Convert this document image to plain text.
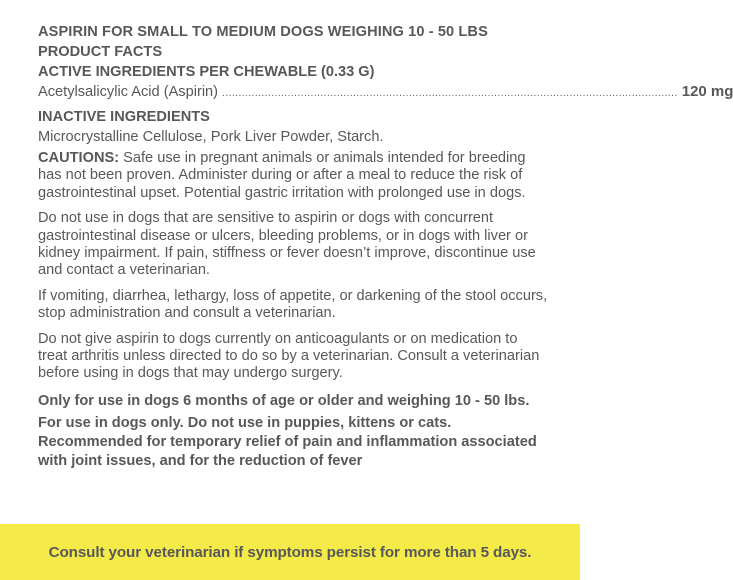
ASPIRIN FOR SMALL TO MEDIUM DOGS WEIGHING 10 - 50 LBS
PRODUCT FACTS
ACTIVE INGREDIENTS PER CHEWABLE (0.33 G)
Acetylsalicylic Acid (Aspirin) ........................................................................................................................................... 120 mg
INACTIVE INGREDIENTS
Microcrystalline Cellulose, Pork Liver Powder, Starch.

CAUTIONS: Safe use in pregnant animals or animals intended for breeding has not been proven. Administer during or after a meal to reduce the risk of gastrointestinal upset. Potential gastric irritation with prolonged use in dogs.

Do not use in dogs that are sensitive to aspirin or dogs with concurrent gastrointestinal disease or ulcers, bleeding problems, or in dogs with liver or kidney impairment. If pain, stiffness or fever doesn’t improve, discontinue use and contact a veterinarian.

If vomiting, diarrhea, lethargy, loss of appetite, or darkening of the stool occurs, stop administration and consult a veterinarian.

Do not give aspirin to dogs currently on anticoagulants or on medication to treat arthritis unless directed to do so by a veterinarian. Consult a veterinarian before using in dogs that may undergo surgery.

Only for use in dogs 6 months of age or older and weighing 10 - 50 lbs.
For use in dogs only. Do not use in puppies, kittens or cats.
Recommended for temporary relief of pain and inflammation associated with joint issues, and for the reduction of fever
Consult your veterinarian if symptoms persist for more than 5 days.
